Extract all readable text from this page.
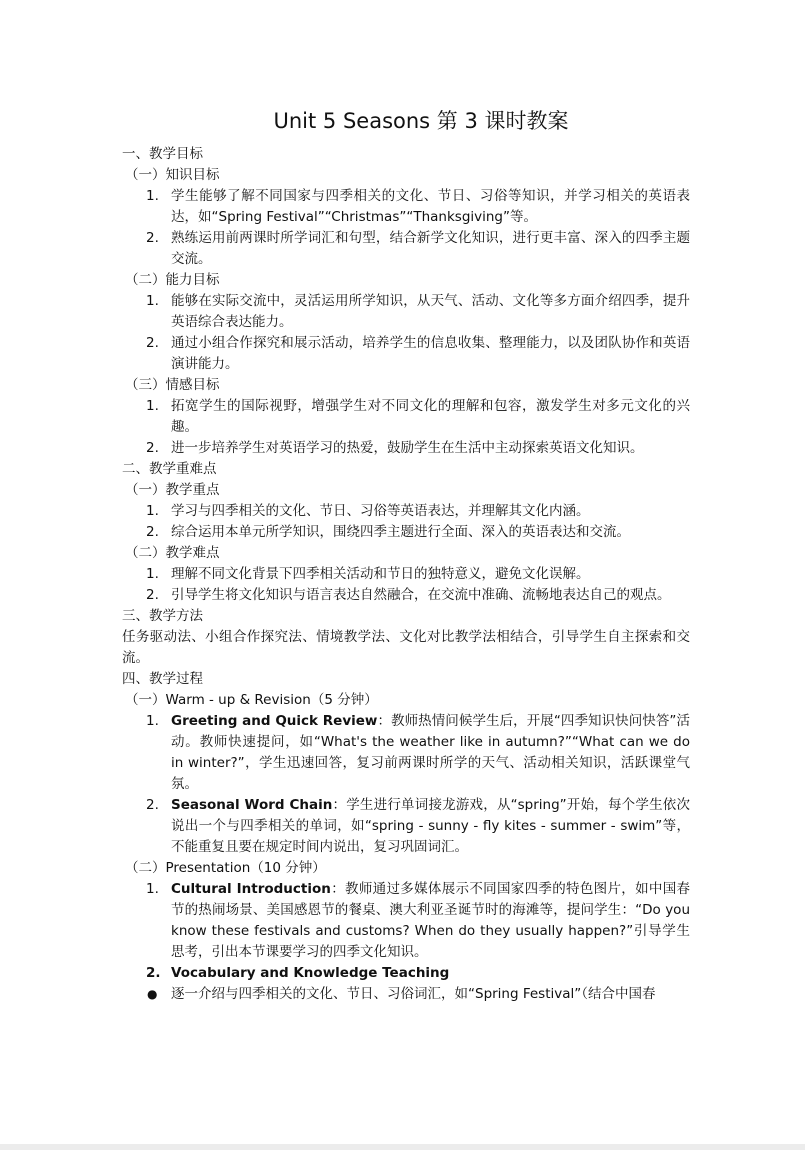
Unit 5 Seasons 第 3 课时教案
一、教学目标
（一）知识目标
1. 学生能够了解不同国家与四季相关的文化、节日、习俗等知识，并学习相关的英语表达，如“Spring Festival”“Christmas”“Thanksgiving”等。
2. 熟练运用前两课时所学词汇和句型，结合新学文化知识，进行更丰富、深入的四季主题交流。
（二）能力目标
1. 能够在实际交流中，灵活运用所学知识，从天气、活动、文化等多方面介绍四季，提升英语综合表达能力。
2. 通过小组合作探究和展示活动，培养学生的信息收集、整理能力，以及团队协作和英语演讲能力。
（三）情感目标
1. 拓宽学生的国际视野，增强学生对不同文化的理解和包容，激发学生对多元文化的兴趣。
2. 进一步培养学生对英语学习的热爱，鼓励学生在生活中主动探索英语文化知识。
二、教学重难点
（一）教学重点
1. 学习与四季相关的文化、节日、习俗等英语表达，并理解其文化内涵。
2. 综合运用本单元所学知识，围绕四季主题进行全面、深入的英语表达和交流。
（二）教学难点
1. 理解不同文化背景下四季相关活动和节日的独特意义，避免文化误解。
2. 引导学生将文化知识与语言表达自然融合，在交流中准确、流畅地表达自己的观点。
三、教学方法
任务驱动法、小组合作探究法、情境教学法、文化对比教学法相结合，引导学生自主探索和交流。
四、教学过程
（一）Warm - up & Revision（5 分钟）
1. Greeting and Quick Review：教师热情问候学生后，开展“四季知识快问快答”活动。教师快速提问，如“What's the weather like in autumn?”“What can we do in winter?”，学生迅速回答，复习前两课时所学的天气、活动相关知识，活跃课堂气氛。
2. Seasonal Word Chain：学生进行单词接龙游戏，从“spring”开始，每个学生依次说出一个与四季相关的单词，如“spring - sunny - fly kites - summer - swim”等，不能重复且要在规定时间内说出，复习巩固词汇。
（二）Presentation（10 分钟）
1. Cultural Introduction：教师通过多媒体展示不同国家四季的特色图片，如中国春节的热闹场景、美国感恩节的餐桌、澳大利亚圣诞节时的海滩等，提问学生：“Do you know these festivals and customs? When do they usually happen?”引导学生思考，引出本节课要学习的四季文化知识。
2. Vocabulary and Knowledge Teaching
● 逐一介绍与四季相关的文化、节日、习俗词汇，如“Spring Festival”（结合中国春
